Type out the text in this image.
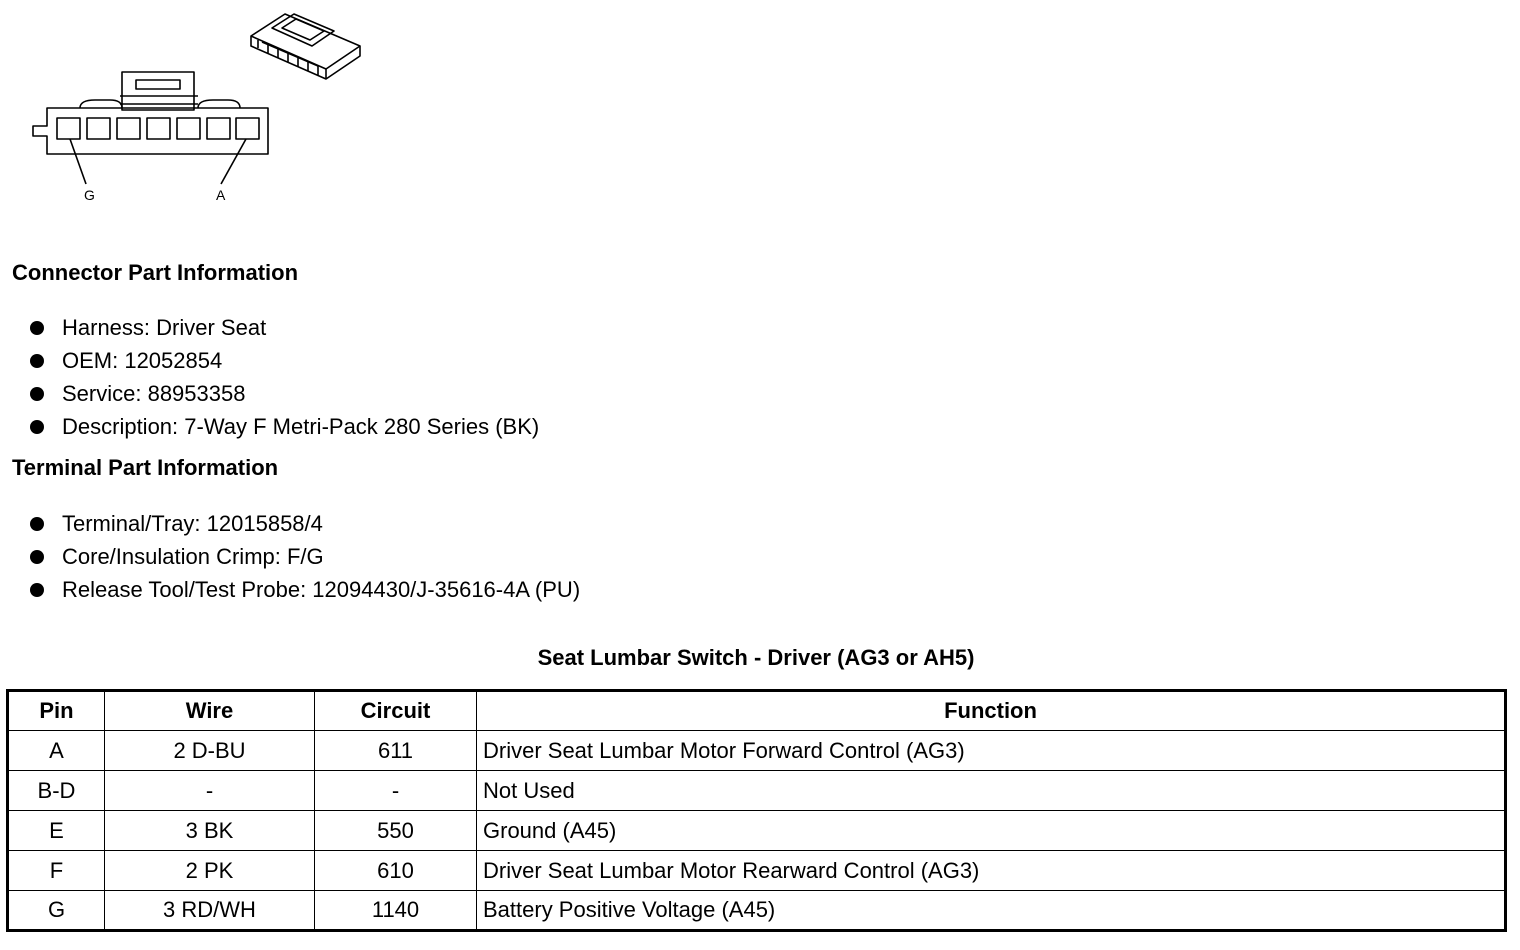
G	A
Connector Part Information
Harness: Driver Seat
OEM: 12052854
Service: 88953358
Description: 7-Way F Metri-Pack 280 Series (BK)
Terminal Part Information
Terminal/Tray: 12015858/4
Core/Insulation Crimp: F/G
Release Tool/Test Probe: 12094430/J-35616-4A (PU)
Seat Lumbar Switch - Driver (AG3 or AH5)
Pin	Wire	Circuit	Function
A	2 D-BU	611	Driver Seat Lumbar Motor Forward Control (AG3)
B-D	-	-	Not Used
E	3 BK	550	Ground (A45)
F	2 PK	610	Driver Seat Lumbar Motor Rearward Control (AG3)
G	3 RD/WH	1140	Battery Positive Voltage (A45)
